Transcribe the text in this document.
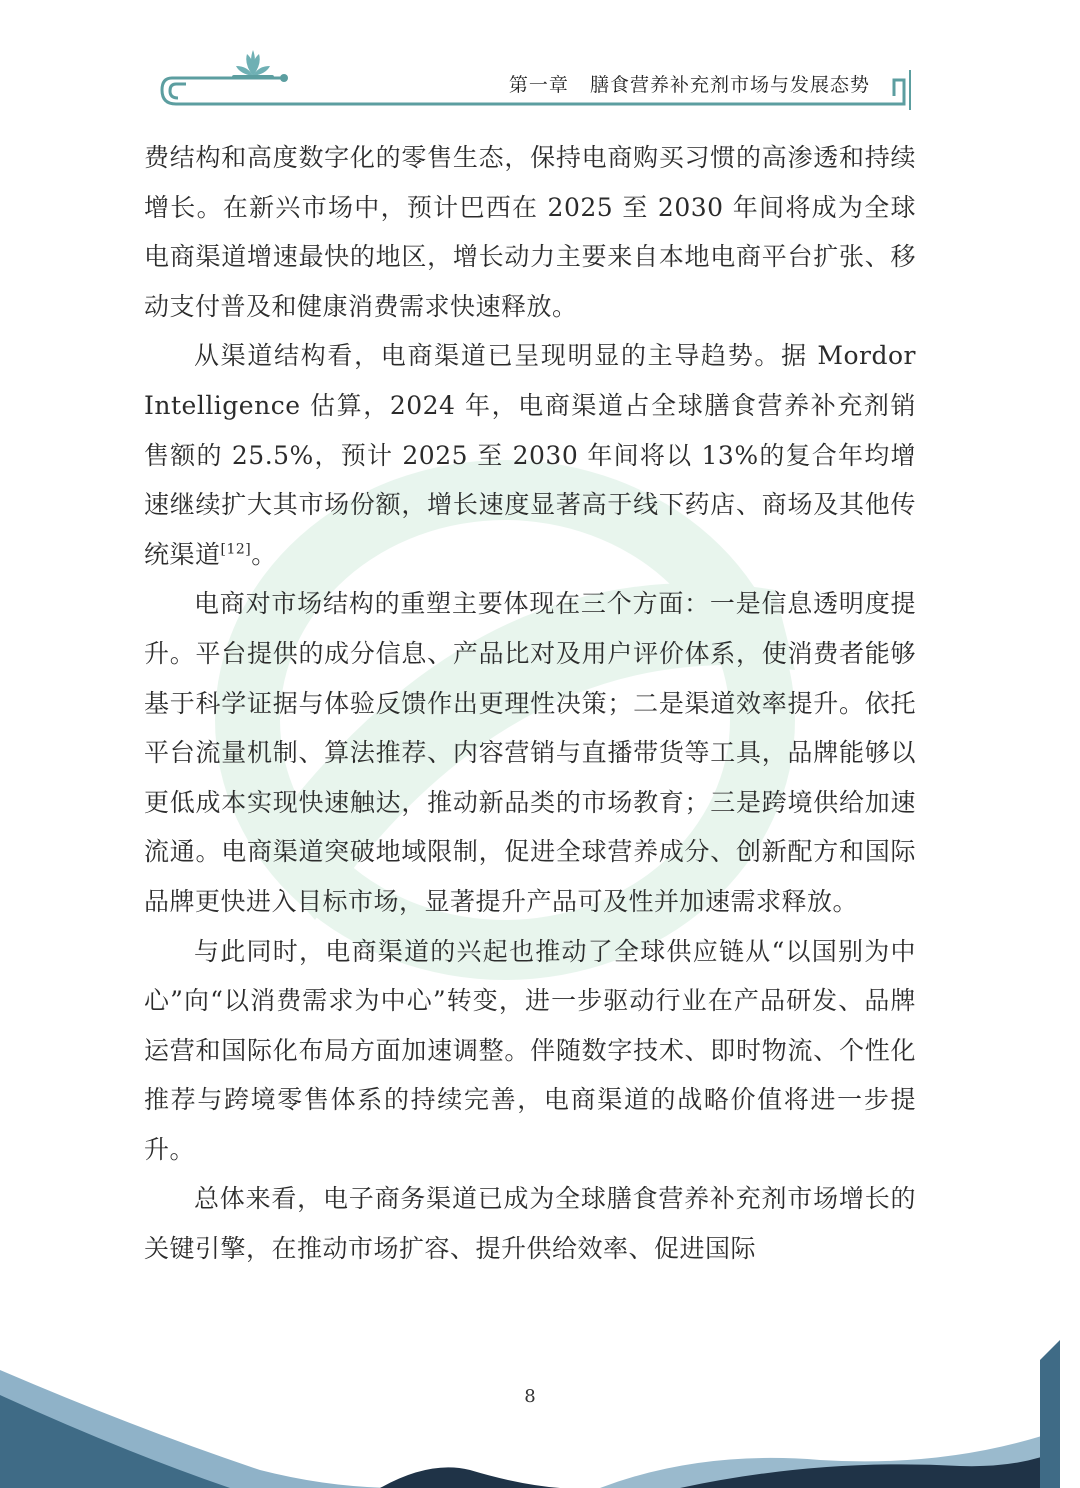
第一章   膳食营养补充剂市场与发展态势

费结构和高度数字化的零售生态，保持电商购买习惯的高渗透和持续增长。在新兴市场中，预计巴西在 2025 至 2030 年间将成为全球电商渠道增速最快的地区，增长动力主要来自本地电商平台扩张、移动支付普及和健康消费需求快速释放。

从渠道结构看，电商渠道已呈现明显的主导趋势。据 Mordor Intelligence 估算，2024 年，电商渠道占全球膳食营养补充剂销售额的 25.5%，预计 2025 至 2030 年间将以 13%的复合年均增速继续扩大其市场份额，增长速度显著高于线下药店、商场及其他传统渠道[12]。

电商对市场结构的重塑主要体现在三个方面：一是信息透明度提升。平台提供的成分信息、产品比对及用户评价体系，使消费者能够基于科学证据与体验反馈作出更理性决策；二是渠道效率提升。依托平台流量机制、算法推荐、内容营销与直播带货等工具，品牌能够以更低成本实现快速触达，推动新品类的市场教育；三是跨境供给加速流通。电商渠道突破地域限制，促进全球营养成分、创新配方和国际品牌更快进入目标市场，显著提升产品可及性并加速需求释放。

与此同时，电商渠道的兴起也推动了全球供应链从“以国别为中心”向“以消费需求为中心”转变，进一步驱动行业在产品研发、品牌运营和国际化布局方面加速调整。伴随数字技术、即时物流、个性化推荐与跨境零售体系的持续完善，电商渠道的战略价值将进一步提升。

总体来看，电子商务渠道已成为全球膳食营养补充剂市场增长的关键引擎，在推动市场扩容、提升供给效率、促进国际

8
